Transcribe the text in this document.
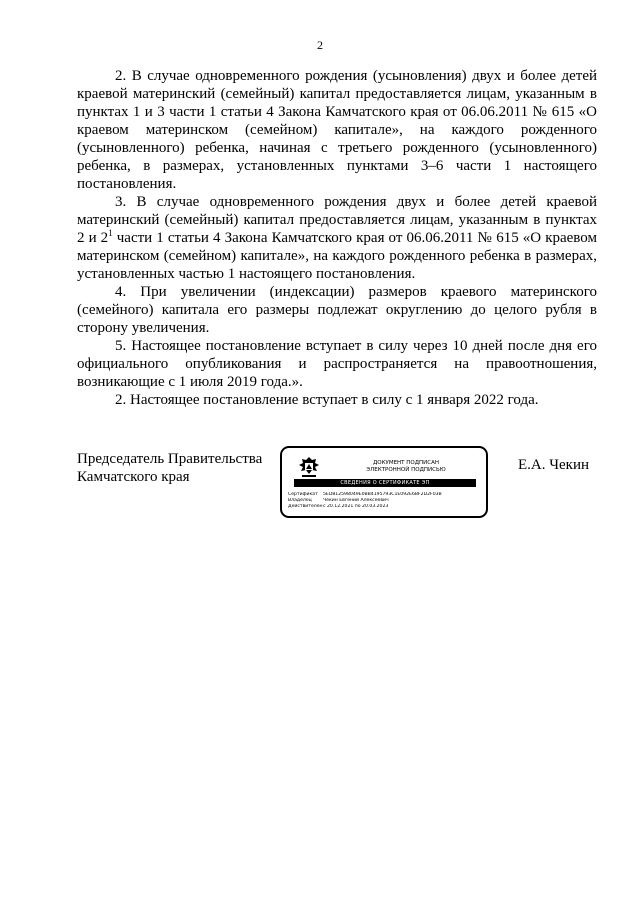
2

2. В случае одновременного рождения (усыновления) двух и более детей краевой материнский (семейный) капитал предоставляется лицам, указанным в пунктах 1 и 3 части 1 статьи 4 Закона Камчатского края от 06.06.2011 № 615 «О краевом материнском (семейном) капитале», на каждого рожденного (усыновленного) ребенка, начиная с третьего рожденного (усыновленного) ребенка, в размерах, установленных пунктами 3–6 части 1 настоящего постановления.

3. В случае одновременного рождения двух и более детей краевой материнский (семейный) капитал предоставляется лицам, указанным в пунктах 2 и $2^1$ части 1 статьи 4 Закона Камчатского края от 06.06.2011 № 615 «О краевом материнском (семейном) капитале», на каждого рожденного ребенка в размерах, установленных частью 1 настоящего постановления.

4. При увеличении (индексации) размеров краевого материнского (семейного) капитала его размеры подлежат округлению до целого рубля в сторону увеличения.

5. Настоящее постановление вступает в силу через 10 дней после дня его официального опубликования и распространяется на правоотношения, возникающие с 1 июля 2019 года.».

2. Настоящее постановление вступает в силу с 1 января 2022 года.

Председатель Правительства Камчатского края
Е.А. Чекин
ДОКУМЕНТ ПОДПИСАН
ЭЛЕКТРОННОЙ ПОДПИСЬЮ
СВЕДЕНИЯ О СЕРТИФИКАТЕ ЭП
Сертификат 5ED812598049E0BB4195793C1E092E6BF2D2F03B
Владелец Чекин Евгений Алексеевич
Действителенс 20.12.2021 по 20.03.2023
